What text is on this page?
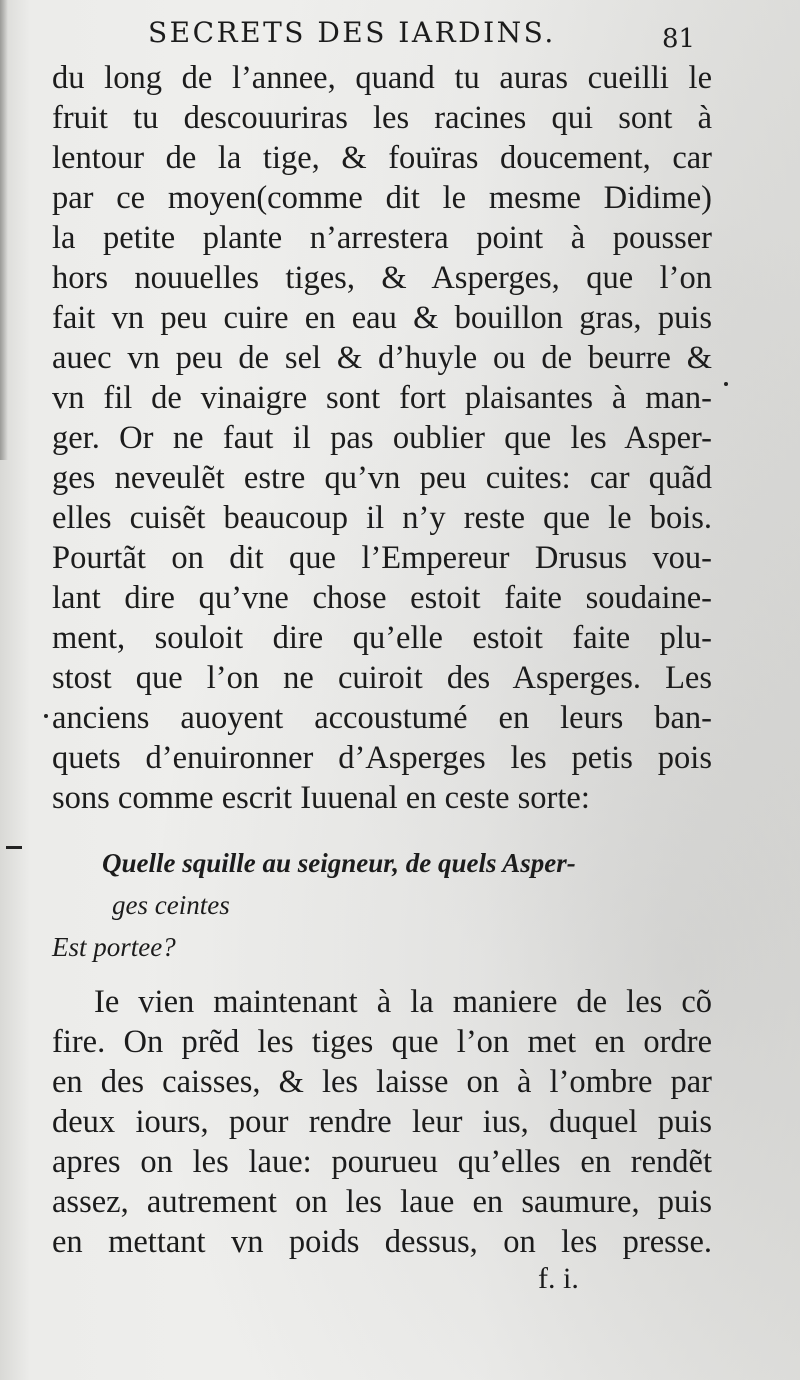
SECRETS DES IARDINS.	81
du long de l’annee, quand tu auras cueilli le
fruit tu descouuriras les racines qui sont à
lentour de la tige, & fouïras doucement, car
par ce moyen(comme dit le mesme Didime)
la petite plante n’arrestera point à pousser
hors nouuelles tiges, & Asperges, que l’on
fait vn peu cuire en eau & bouillon gras, puis
auec vn peu de sel & d’huyle ou de beurre &
vn fil de vinaigre sont fort plaisantes à man-
ger. Or ne faut il pas oublier que les Asper-
ges neveulẽt estre qu’vn peu cuites: car quãd
elles cuisẽt beaucoup il n’y reste que le bois.
Pourtãt on dit que l’Empereur Drusus vou-
lant dire qu’vne chose estoit faite soudaine-
ment, souloit dire qu’elle estoit faite plu-
stost que l’on ne cuiroit des Asperges. Les
anciens auoyent accoustumé en leurs ban-
quets d’enuironner d’Asperges les petis pois
sons comme escrit Iuuenal en ceste sorte:
Quelle squille au seigneur, de quels Asper-
ges ceintes
Est portee?
Ie vien maintenant à la maniere de les cõ
fire. On prẽd les tiges que l’on met en ordre
en des caisses, & les laisse on à l’ombre par
deux iours, pour rendre leur ius, duquel puis
apres on les laue: pourueu qu’elles en rendẽt
assez, autrement on les laue en saumure, puis
en mettant vn poids dessus, on les presse.
f. i.
